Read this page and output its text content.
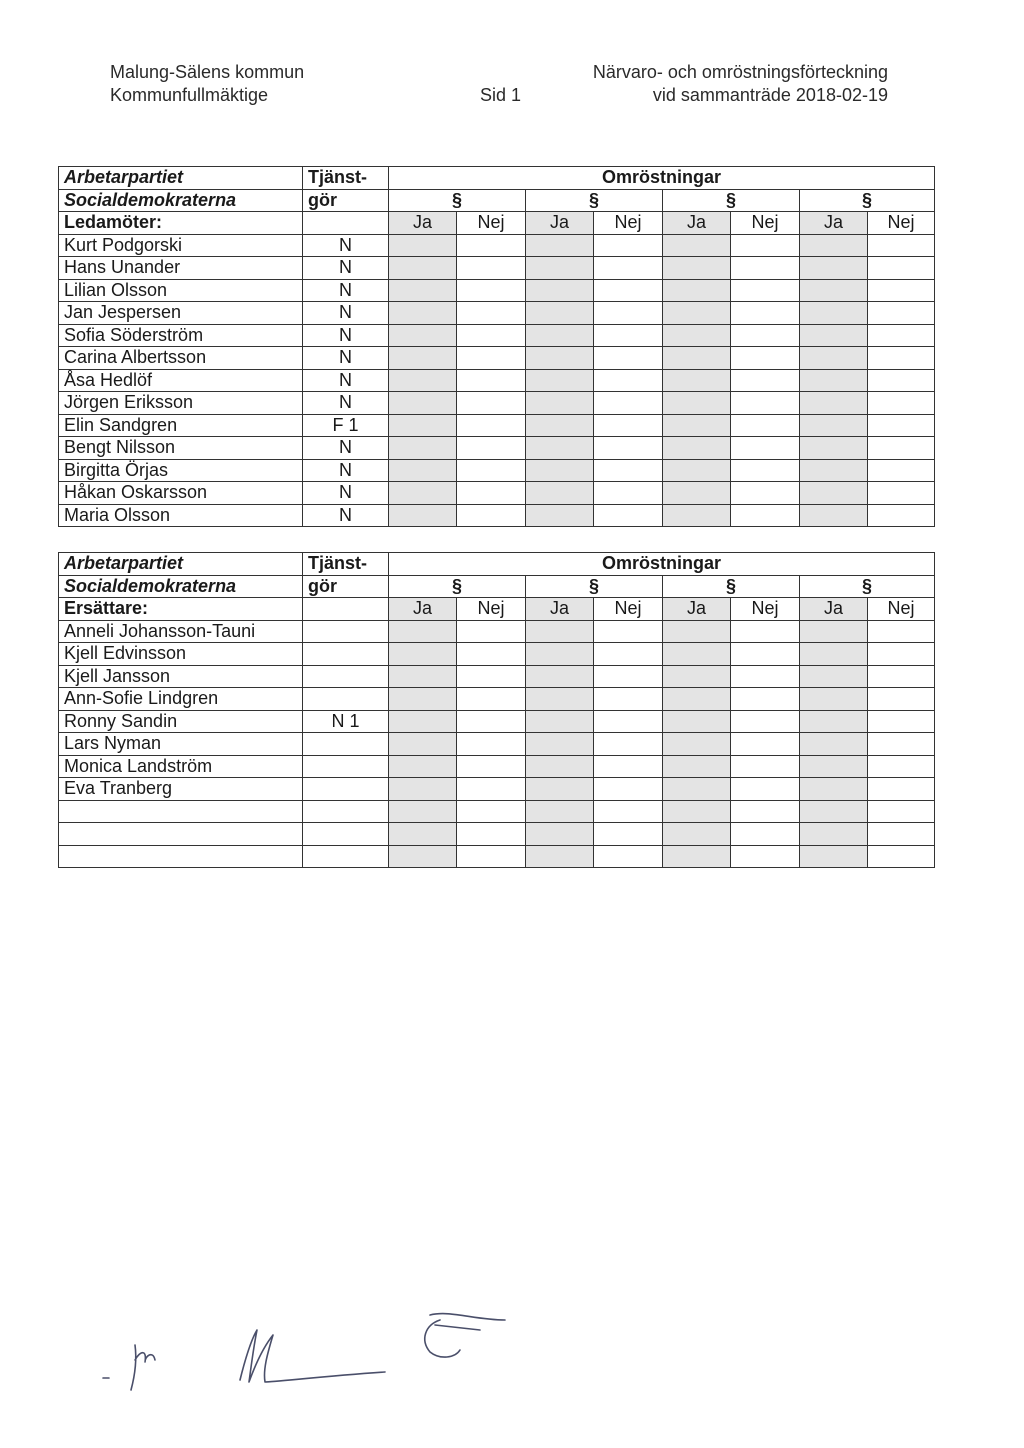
Malung-Sälens kommun
Kommunfullmäktige	Sid 1
Närvaro- och omröstningsförteckning
vid sammanträde 2018-02-19
Arbetarpartiet	Tjänst-	Omröstningar							
Socialdemokraterna	gör	§		§		§		§	
Ledamöter:		Ja	Nej	Ja	Nej	Ja	Nej	Ja	Nej
Kurt Podgorski	N								
Hans Unander	N								
Lilian Olsson	N								
Jan Jespersen	N								
Sofia Söderström	N								
Carina Albertsson	N								
Åsa Hedlöf	N								
Jörgen Eriksson	N								
Elin Sandgren	F 1								
Bengt Nilsson	N								
Birgitta Örjas	N								
Håkan Oskarsson	N								
Maria Olsson	N								
Arbetarpartiet	Tjänst-	Omröstningar							
Socialdemokraterna	gör	§		§		§		§	
Ersättare:		Ja	Nej	Ja	Nej	Ja	Nej	Ja	Nej
Anneli Johansson-Tauni									
Kjell Edvinsson									
Kjell Jansson									
Ann-Sofie Lindgren									
Ronny Sandin	N 1								
Lars Nyman									
Monica Landström									
Eva Tranberg									
